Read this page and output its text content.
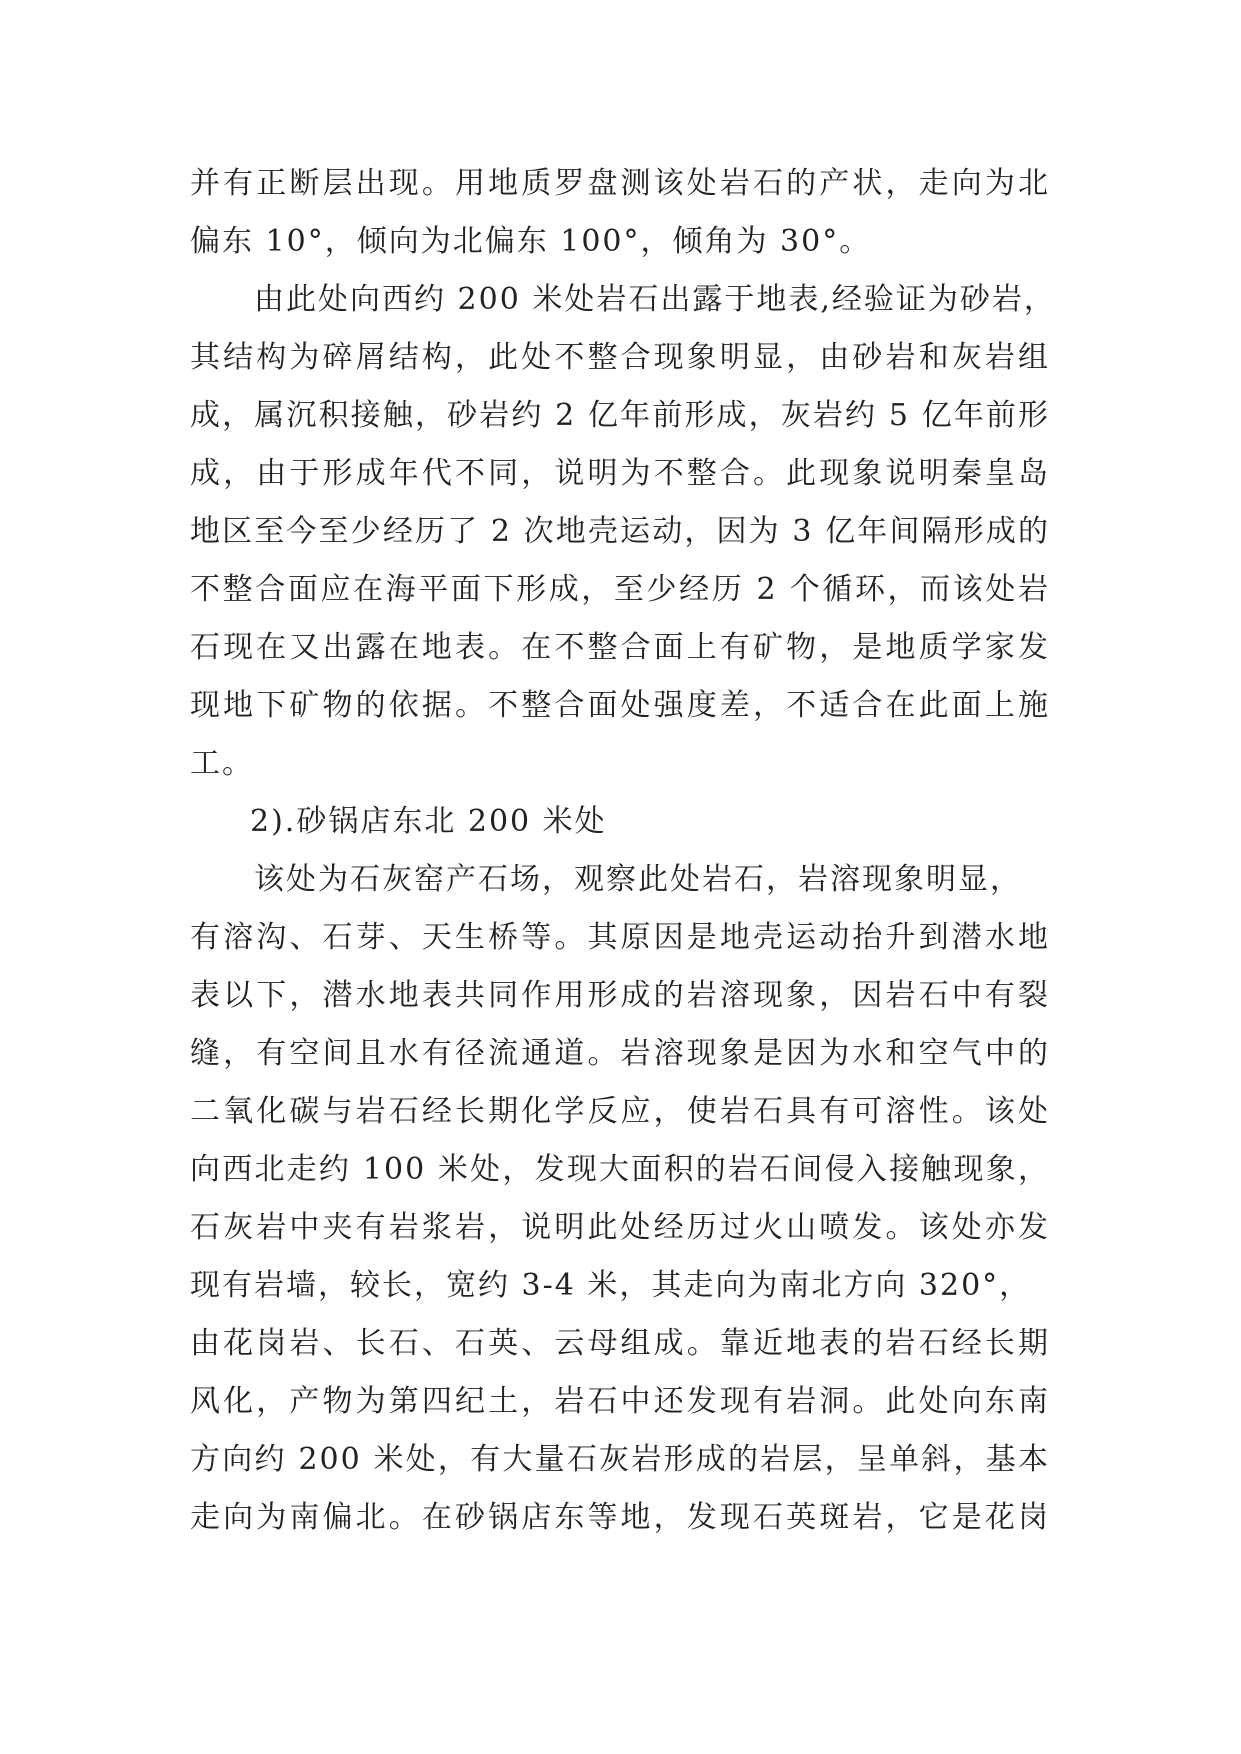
并有正断层出现。用地质罗盘测该处岩石的产状，走向为北
偏东 10°，倾向为北偏东 100°，倾角为 30°。
由此处向西约 200 米处岩石出露于地表,经验证为砂岩，
其结构为碎屑结构，此处不整合现象明显，由砂岩和灰岩组
成，属沉积接触，砂岩约 2 亿年前形成，灰岩约 5 亿年前形
成，由于形成年代不同，说明为不整合。此现象说明秦皇岛
地区至今至少经历了 2 次地壳运动，因为 3 亿年间隔形成的
不整合面应在海平面下形成，至少经历 2 个循环，而该处岩
石现在又出露在地表。在不整合面上有矿物，是地质学家发
现地下矿物的依据。不整合面处强度差，不适合在此面上施
工。
2).砂锅店东北 200 米处
该处为石灰窑产石场，观察此处岩石，岩溶现象明显，
有溶沟、石芽、天生桥等。其原因是地壳运动抬升到潜水地
表以下，潜水地表共同作用形成的岩溶现象，因岩石中有裂
缝，有空间且水有径流通道。岩溶现象是因为水和空气中的
二氧化碳与岩石经长期化学反应，使岩石具有可溶性。该处
向西北走约 100 米处，发现大面积的岩石间侵入接触现象，
石灰岩中夹有岩浆岩，说明此处经历过火山喷发。该处亦发
现有岩墙，较长，宽约 3-4 米，其走向为南北方向 320°，
由花岗岩、长石、石英、云母组成。靠近地表的岩石经长期
风化，产物为第四纪土，岩石中还发现有岩洞。此处向东南
方向约 200 米处，有大量石灰岩形成的岩层，呈单斜，基本
走向为南偏北。在砂锅店东等地，发现石英斑岩，它是花岗
